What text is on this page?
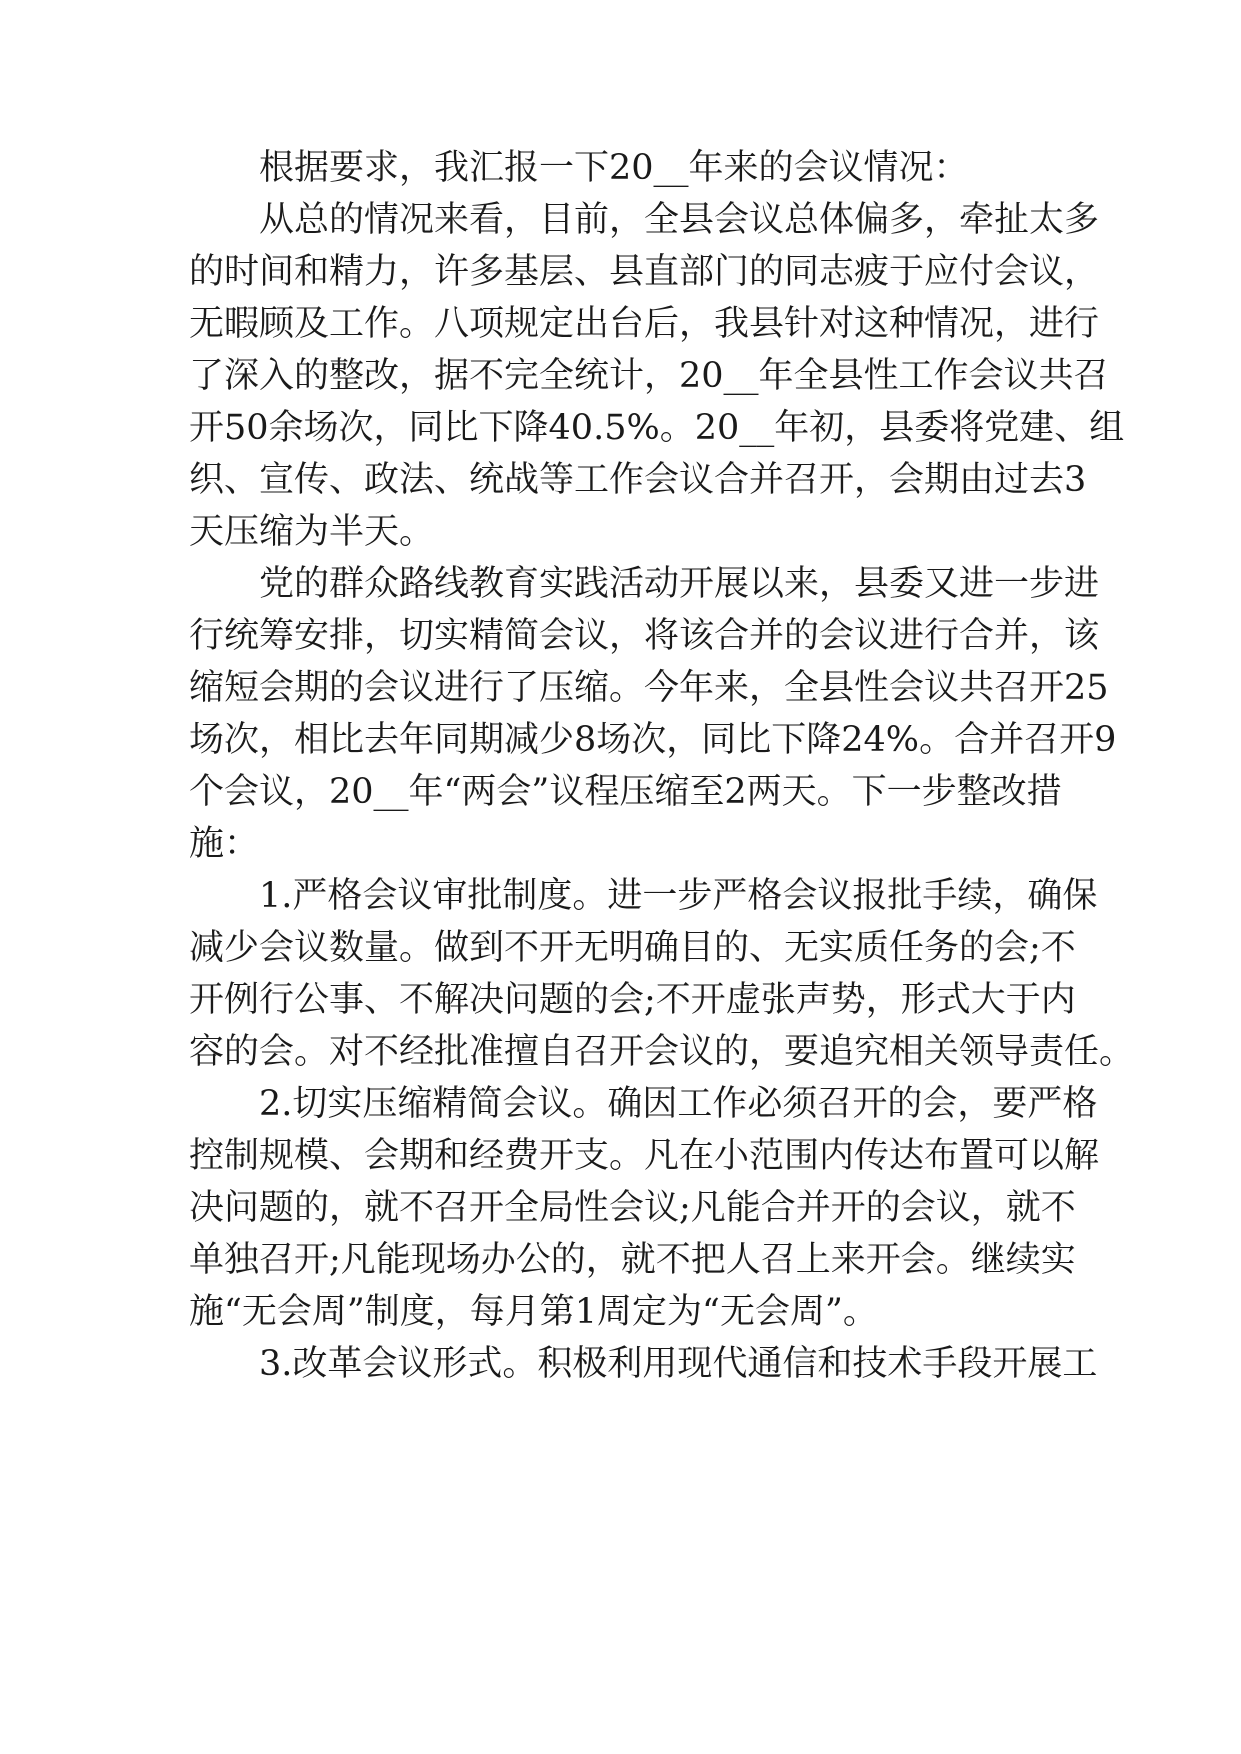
根据要求，我汇报一下20__年来的会议情况：
从总的情况来看，目前，全县会议总体偏多，牵扯太多
的时间和精力，许多基层、县直部门的同志疲于应付会议，
无暇顾及工作。八项规定出台后，我县针对这种情况，进行
了深入的整改，据不完全统计，20__年全县性工作会议共召
开50余场次，同比下降40.5%。20__年初，县委将党建、组
织、宣传、政法、统战等工作会议合并召开，会期由过去3
天压缩为半天。
党的群众路线教育实践活动开展以来，县委又进一步进
行统筹安排，切实精简会议，将该合并的会议进行合并，该
缩短会期的会议进行了压缩。今年来，全县性会议共召开25
场次，相比去年同期减少8场次，同比下降24%。合并召开9
个会议，20__年“两会”议程压缩至2两天。下一步整改措
施：
1.严格会议审批制度。进一步严格会议报批手续，确保
减少会议数量。做到不开无明确目的、无实质任务的会;不
开例行公事、不解决问题的会;不开虚张声势，形式大于内
容的会。对不经批准擅自召开会议的，要追究相关领导责任。
2.切实压缩精简会议。确因工作必须召开的会，要严格
控制规模、会期和经费开支。凡在小范围内传达布置可以解
决问题的，就不召开全局性会议;凡能合并开的会议，就不
单独召开;凡能现场办公的，就不把人召上来开会。继续实
施“无会周”制度，每月第1周定为“无会周”。
3.改革会议形式。积极利用现代通信和技术手段开展工
